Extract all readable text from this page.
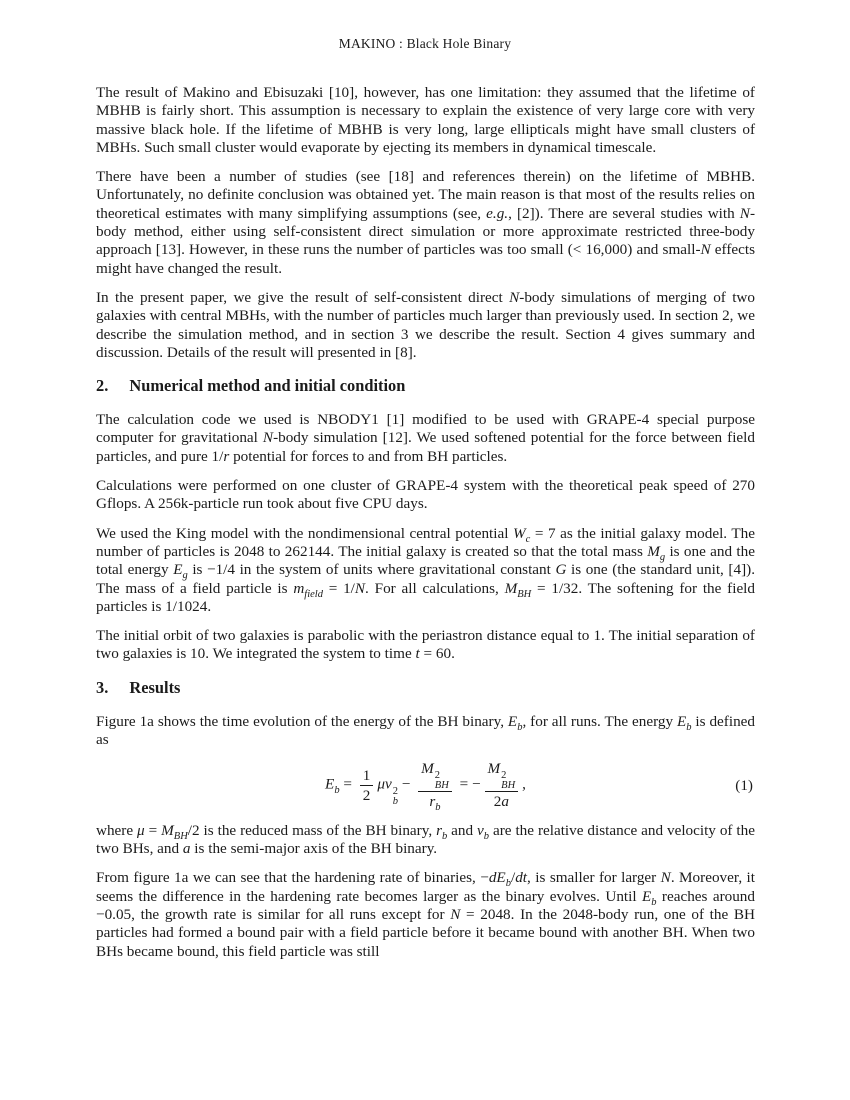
MAKINO : Black Hole Binary

The result of Makino and Ebisuzaki [10], however, has one limitation: they assumed that the lifetime of MBHB is fairly short. This assumption is necessary to explain the existence of very large core with very massive black hole. If the lifetime of MBHB is very long, large ellipticals might have small clusters of MBHs. Such small cluster would evaporate by ejecting its members in dynamical timescale.

There have been a number of studies (see [18] and references therein) on the lifetime of MBHB. Unfortunately, no definite conclusion was obtained yet. The main reason is that most of the results relies on theoretical estimates with many simplifying assumptions (see, e.g., [2]). There are several studies with N-body method, either using self-consistent direct simulation or more approximate restricted three-body approach [13]. However, in these runs the number of particles was too small (< 16,000) and small-N effects might have changed the result.

In the present paper, we give the result of self-consistent direct N-body simulations of merging of two galaxies with central MBHs, with the number of particles much larger than previously used. In section 2, we describe the simulation method, and in section 3 we describe the result. Section 4 gives summary and discussion. Details of the result will presented in [8].

2. Numerical method and initial condition

The calculation code we used is NBODY1 [1] modified to be used with GRAPE-4 special purpose computer for gravitational N-body simulation [12]. We used softened potential for the force between field particles, and pure 1/r potential for forces to and from BH particles.

Calculations were performed on one cluster of GRAPE-4 system with the theoretical peak speed of 270 Gflops. A 256k-particle run took about five CPU days.

We used the King model with the nondimensional central potential $W_c = 7$ as the initial galaxy model. The number of particles is 2048 to 262144. The initial galaxy is created so that the total mass $M_g$ is one and the total energy $E_g$ is −1/4 in the system of units where gravitational constant G is one (the standard unit, [4]). The mass of a field particle is $m_{field} = 1/N$. For all calculations, $M_{BH} = 1/32$. The softening for the field particles is 1/1024.

The initial orbit of two galaxies is parabolic with the periastron distance equal to 1. The initial separation of two galaxies is 10. We integrated the system to time t = 60.

3. Results

Figure 1a shows the time evolution of the energy of the BH binary, $E_b$, for all runs. The energy $E_b$ is defined as

$E_b = \frac{1}{2}$ μv 2
b
− M 2
BH
$r_b$ = − M 2
BH
2a ,	(1)

where $\mu = M_{BH}/2$ is the reduced mass of the BH binary, $r_b$ and $v_b$ are the relative distance and velocity of the two BHs, and a is the semi-major axis of the BH binary.

From figure 1a we can see that the hardening rate of binaries, $-dE_b/dt$, is smaller for larger N. Moreover, it seems the difference in the hardening rate becomes larger as the binary evolves. Until $E_b$ reaches around −0.05, the growth rate is similar for all runs except for N = 2048. In the 2048-body run, one of the BH particles had formed a bound pair with a field particle before it became bound with another BH. When two BHs became bound, this field particle was still
